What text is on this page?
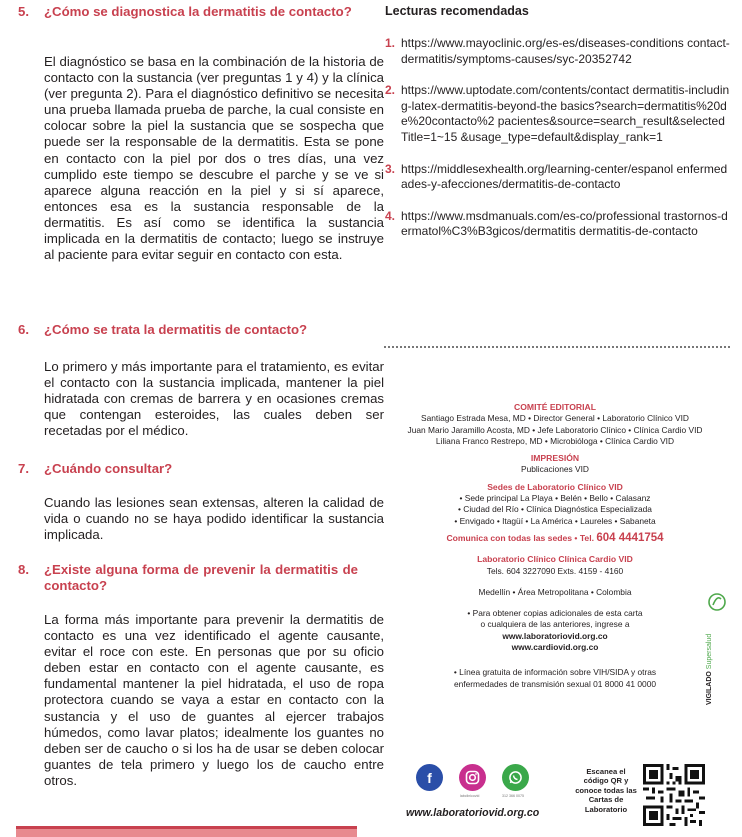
5.	¿Cómo se diagnostica la dermatitis de contacto?

El diagnóstico se basa en la combinación de la historia de contacto con la sustancia (ver preguntas 1 y 4) y la clínica (ver pregunta 2). Para el diagnóstico definitivo se necesita una prueba llamada prueba de parche, la cual consiste en colocar sobre la piel la sustancia que se sospecha que puede ser la responsable de la dermatitis. Esta se pone en contacto con la piel por dos o tres días, una vez cumplido este tiempo se descubre el parche y se ve si aparece alguna reacción en la piel y si sí aparece, entonces esa es la sustancia responsable de la dermatitis. Es así como se identifica la sustancia implicada en la dermatitis de contacto; luego se instruye al paciente para evitar seguir en contacto con esta.

6.	¿Cómo se trata la dermatitis de contacto?

Lo primero y más importante para el tratamiento, es evitar el contacto con la sustancia implicada, mantener la piel hidratada con cremas de barrera y en ocasiones cremas que contengan esteroides, las cuales deben ser recetadas por el médico.

7.	¿Cuándo consultar?

Cuando las lesiones sean extensas, alteren la calidad de vida o cuando no se haya podido identificar la sustancia implicada.

8.	¿Existe alguna forma de prevenir la dermatitis de contacto?

La forma más importante para prevenir la dermatitis de contacto es una vez identificado el agente causante, evitar el roce con este. En personas que por su oficio deben estar en contacto con el agente causante, es fundamental mantener la piel hidratada, el uso de ropa protectora cuando se vaya a estar en contacto con la sustancia y el uso de guantes al ejercer trabajos húmedos, como lavar platos; idealmente los guantes no deben ser de caucho o si los ha de usar se deben colocar guantes de tela primero y luego los de caucho entre otros.

Lecturas recomendadas
1. https://www.mayoclinic.org/es-es/diseases-conditions contact-dermatitis/symptoms-causes/syc-20352742
2. https://www.uptodate.com/contents/contact dermatitis-including-latex-dermatitis-beyond-the basics?search=dermatitis%20de%20contacto%2 pacientes&source=search_result&selectedTitle=1~15 &usage_type=default&display_rank=1
3. https://middlesexhealth.org/learning-center/espanol enfermedades-y-afecciones/dermatitis-de-contacto
4. https://www.msdmanuals.com/es-co/professional trastornos-dermatol%C3%B3gicos/dermatitis dermatitis-de-contacto
COMITÉ EDITORIAL
Santiago Estrada Mesa, MD • Director General • Laboratorio Clínico VID
Juan Mario Jaramillo Acosta, MD • Jefe Laboratorio Clínico • Clínica Cardio VID
Liliana Franco Restrepo, MD • Microbióloga • Clínica Cardio VID
IMPRESIÓN
Publicaciones VID
Sedes de Laboratorio Clínico VID
• Sede principal La Playa • Belén • Bello • Calasanz
• Ciudad del Río • Clínica Diagnóstica Especializada
• Envigado • Itagüí • La América • Laureles • Sabaneta
Comunica con todas las sedes • Tel. 604 4441754
Laboratorio Clínico Clínica Cardio VID
Tels. 604 3227090 Exts. 4159 - 4160
Medellín • Área Metropolitana • Colombia
• Para obtener copias adicionales de esta carta
o cualquiera de las anteriores, ingrese a
www.laboratoriovid.org.co
www.cardiovid.org.co
• Línea gratuita de información sobre VIH/SIDA y otras
enfermedades de transmisión sexual 01 8000 41 0000	VIGILADO Supersalud
f
labclinicovid	312 366 0075
www.laboratoriovid.org.co
Escanea el código QR y conoce todas las Cartas de Laboratorio
